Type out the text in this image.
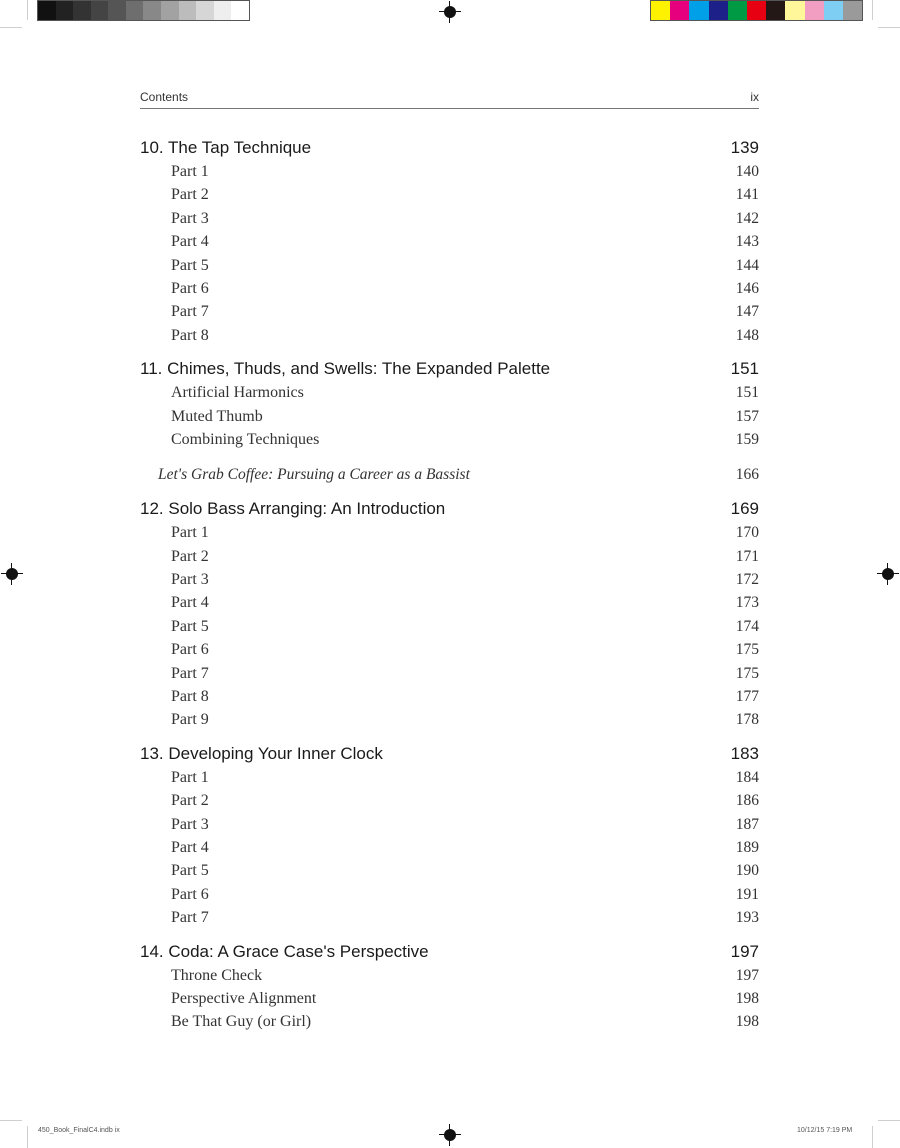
Contents	ix
10. The Tap Technique	139
Part 1	140
Part 2	141
Part 3	142
Part 4	143
Part 5	144
Part 6	146
Part 7	147
Part 8	148
11. Chimes, Thuds, and Swells: The Expanded Palette	151
Artificial Harmonics	151
Muted Thumb	157
Combining Techniques	159
Let's Grab Coffee: Pursuing a Career as a Bassist	166
12. Solo Bass Arranging: An Introduction	169
Part 1	170
Part 2	171
Part 3	172
Part 4	173
Part 5	174
Part 6	175
Part 7	175
Part 8	177
Part 9	178
13. Developing Your Inner Clock	183
Part 1	184
Part 2	186
Part 3	187
Part 4	189
Part 5	190
Part 6	191
Part 7	193
14. Coda: A Grace Case's Perspective	197
Throne Check	197
Perspective Alignment	198
Be That Guy (or Girl)	198
450_Book_FinalC4.indb ix	10/12/15 7:19 PM
